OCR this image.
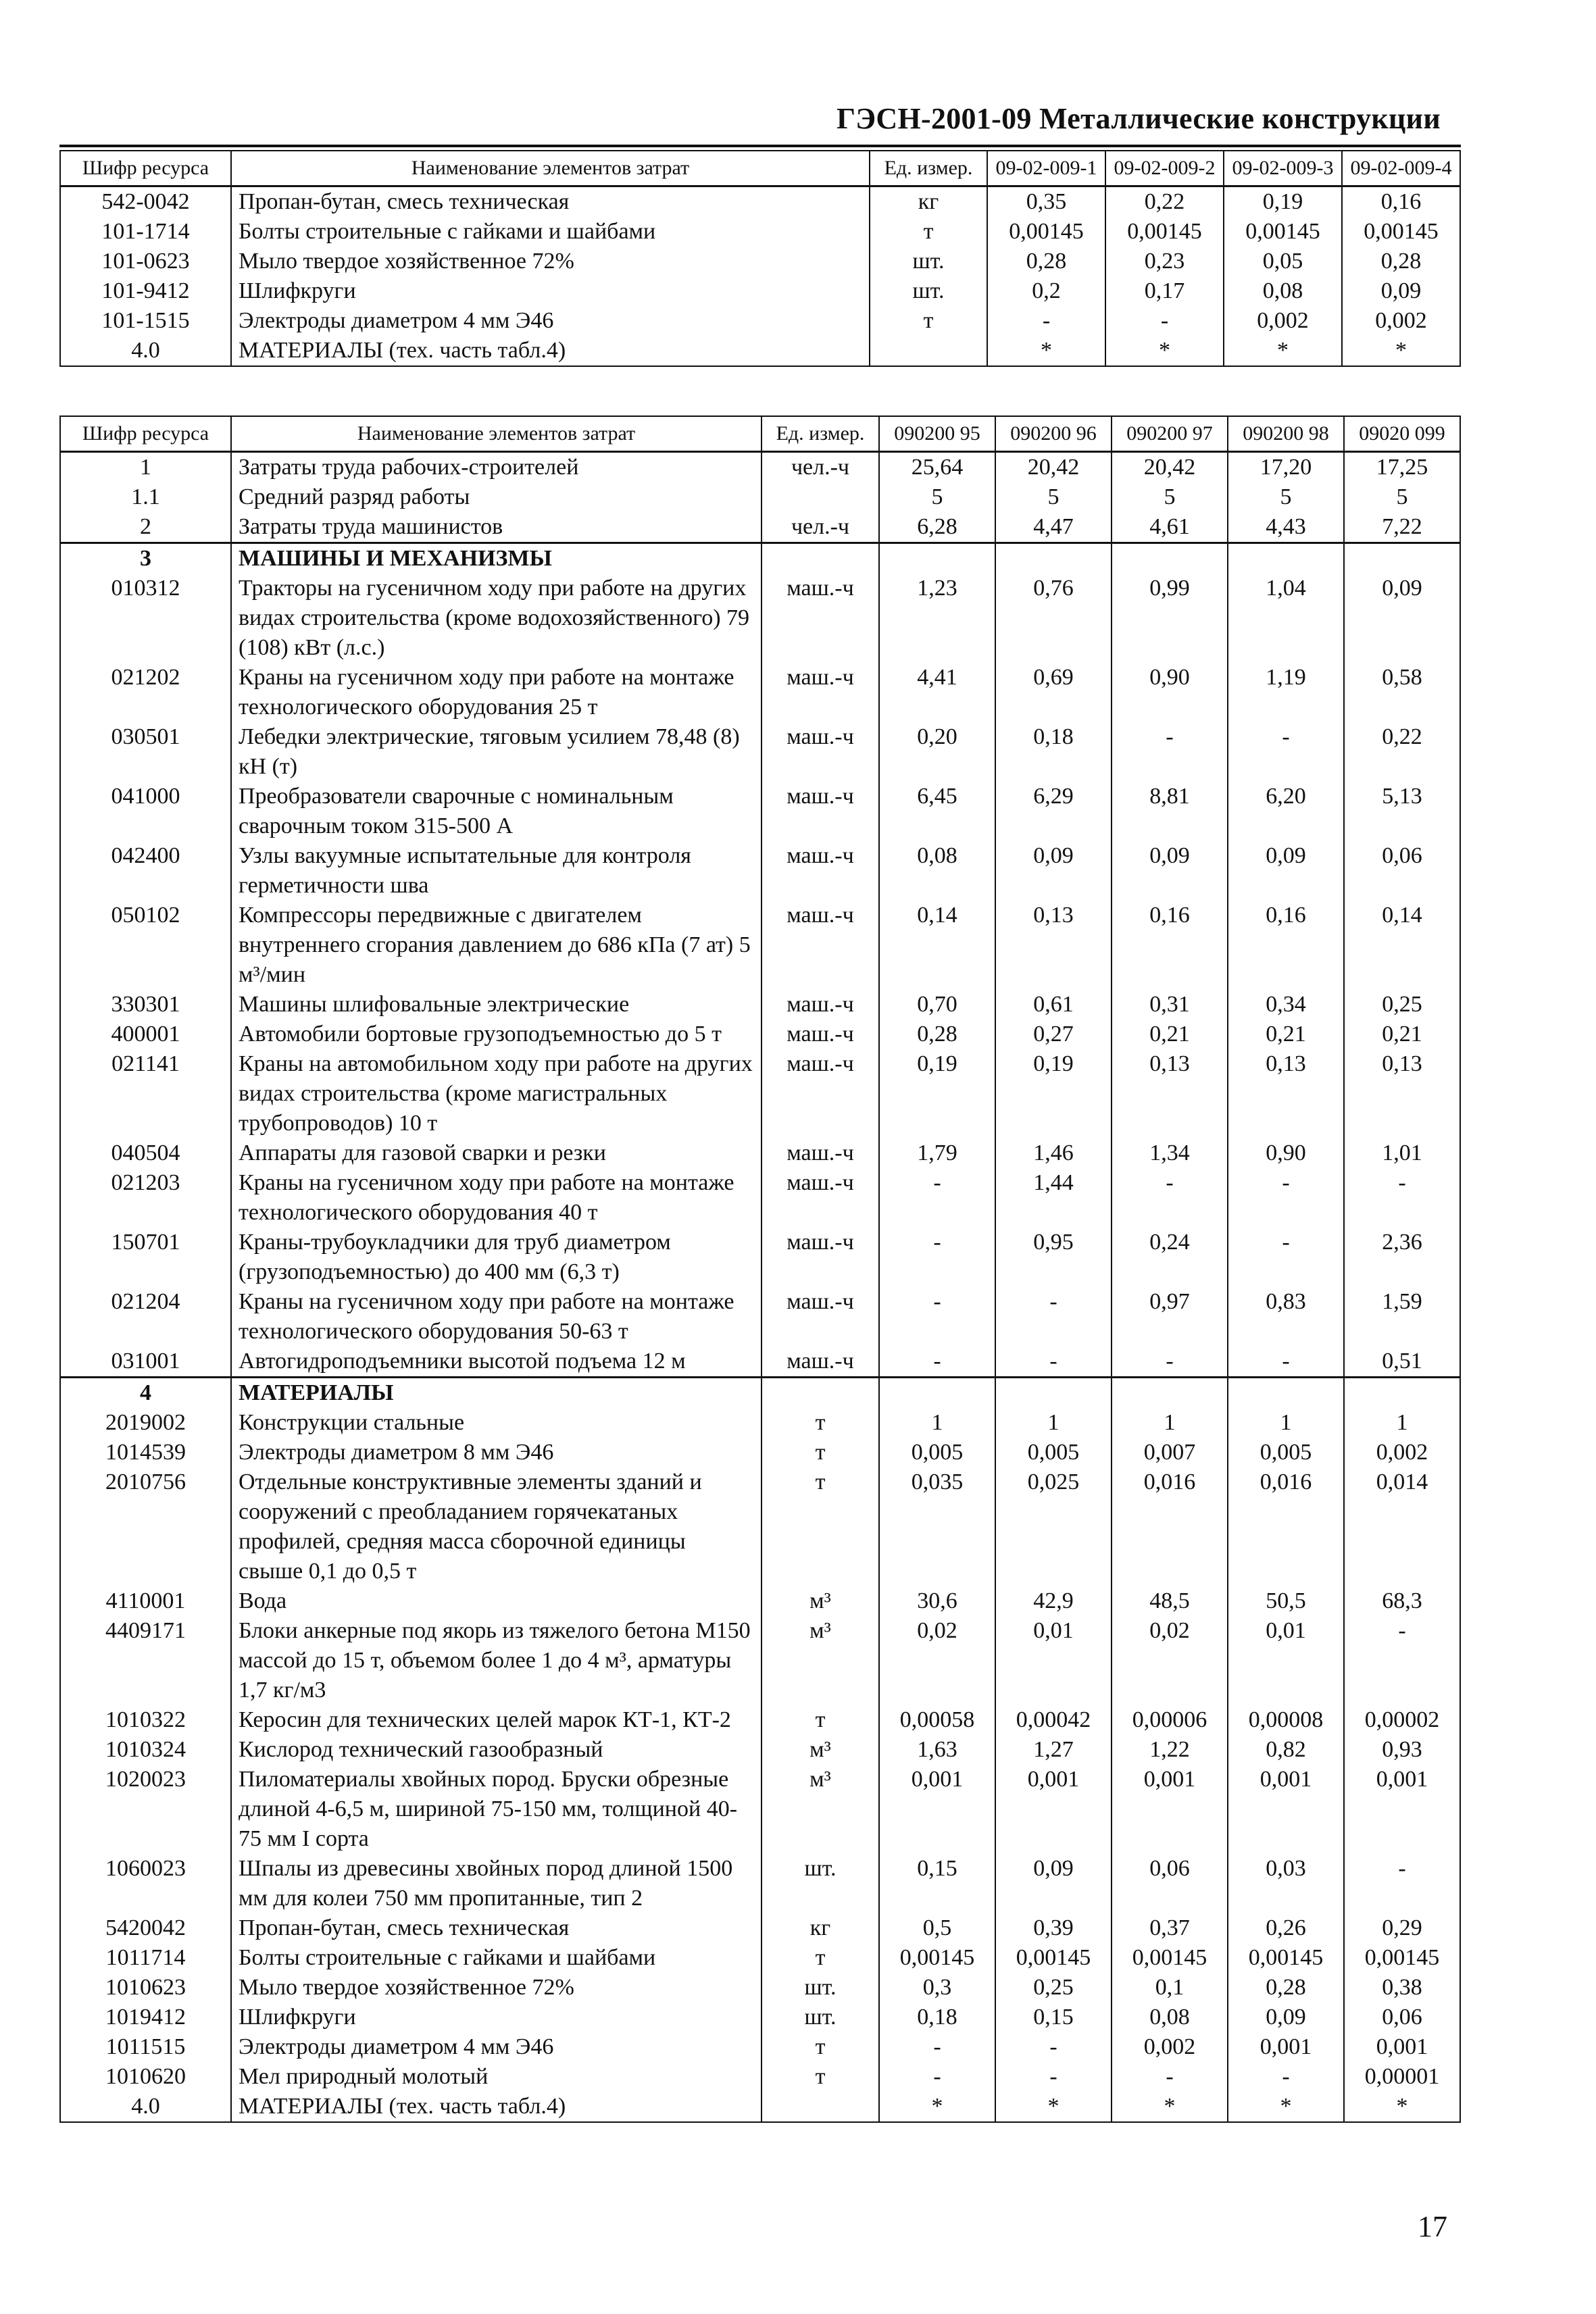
ГЭСН-2001-09 Металлические конструкции
Шифр ресурса	Наименование элементов затрат	Ед. измер.	09-02-009-1	09-02-009-2	09-02-009-3	09-02-009-4
542-0042	Пропан-бутан, смесь техническая	кг	0,35	0,22	0,19	0,16
101-1714	Болты строительные с гайками и шайбами	т	0,00145	0,00145	0,00145	0,00145
101-0623	Мыло твердое хозяйственное 72%	шт.	0,28	0,23	0,05	0,28
101-9412	Шлифкруги	шт.	0,2	0,17	0,08	0,09
101-1515	Электроды диаметром 4 мм Э46	т	-	-	0,002	0,002
4.0	МАТЕРИАЛЫ (тех. часть табл.4)		*	*	*	*
Шифр ресурса	Наименование элементов затрат	Ед. измер.	090200 95	090200 96	090200 97	090200 98	09020 099
1	Затраты труда рабочих-строителей	чел.-ч	25,64	20,42	20,42	17,20	17,25
1.1	Средний разряд работы		5	5	5	5	5
2	Затраты труда машинистов	чел.-ч	6,28	4,47	4,61	4,43	7,22
3	МАШИНЫ И МЕХАНИЗМЫ						
010312	Тракторы на гусеничном ходу при работе на других видах строительства (кроме водохозяйственного) 79 (108) кВт (л.с.)	маш.-ч	1,23	0,76	0,99	1,04	0,09
021202	Краны на гусеничном ходу при работе на монтаже технологического оборудования 25 т	маш.-ч	4,41	0,69	0,90	1,19	0,58
030501	Лебедки электрические, тяговым усилием 78,48 (8) кН (т)	маш.-ч	0,20	0,18	-	-	0,22
041000	Преобразователи сварочные с номинальным сварочным током 315-500 А	маш.-ч	6,45	6,29	8,81	6,20	5,13
042400	Узлы вакуумные испытательные для контроля герметичности шва	маш.-ч	0,08	0,09	0,09	0,09	0,06
050102	Компрессоры передвижные с двигателем внутреннего сгорания давлением до 686 кПа (7 ат) 5 м³/мин	маш.-ч	0,14	0,13	0,16	0,16	0,14
330301	Машины шлифовальные электрические	маш.-ч	0,70	0,61	0,31	0,34	0,25
400001	Автомобили бортовые грузоподъемностью до 5 т	маш.-ч	0,28	0,27	0,21	0,21	0,21
021141	Краны на автомобильном ходу при работе на других видах строительства (кроме магистральных трубопроводов) 10 т	маш.-ч	0,19	0,19	0,13	0,13	0,13
040504	Аппараты для газовой сварки и резки	маш.-ч	1,79	1,46	1,34	0,90	1,01
021203	Краны на гусеничном ходу при работе на монтаже технологического оборудования 40 т	маш.-ч	-	1,44	-	-	-
150701	Краны-трубоукладчики для труб диаметром (грузоподъемностью) до 400 мм (6,3 т)	маш.-ч	-	0,95	0,24	-	2,36
021204	Краны на гусеничном ходу при работе на монтаже технологического оборудования 50-63 т	маш.-ч	-	-	0,97	0,83	1,59
031001	Автогидроподъемники высотой подъема 12 м	маш.-ч	-	-	-	-	0,51
4	МАТЕРИАЛЫ						
2019002	Конструкции стальные	т	1	1	1	1	1
1014539	Электроды диаметром 8 мм Э46	т	0,005	0,005	0,007	0,005	0,002
2010756	Отдельные конструктивные элементы зданий и сооружений с преобладанием горячекатаных профилей, средняя масса сборочной единицы свыше 0,1 до 0,5 т	т	0,035	0,025	0,016	0,016	0,014
4110001	Вода	м³	30,6	42,9	48,5	50,5	68,3
4409171	Блоки анкерные под якорь из тяжелого бетона М150 массой до 15 т, объемом более 1 до 4 м³, арматуры 1,7 кг/м3	м³	0,02	0,01	0,02	0,01	-
1010322	Керосин для технических целей марок КТ-1, КТ-2	т	0,00058	0,00042	0,00006	0,00008	0,00002
1010324	Кислород технический газообразный	м³	1,63	1,27	1,22	0,82	0,93
1020023	Пиломатериалы хвойных пород. Бруски обрезные длиной 4-6,5 м, шириной 75-150 мм, толщиной 40-75 мм I сорта	м³	0,001	0,001	0,001	0,001	0,001
1060023	Шпалы из древесины хвойных пород длиной 1500 мм для колеи 750 мм пропитанные, тип 2	шт.	0,15	0,09	0,06	0,03	-
5420042	Пропан-бутан, смесь техническая	кг	0,5	0,39	0,37	0,26	0,29
1011714	Болты строительные с гайками и шайбами	т	0,00145	0,00145	0,00145	0,00145	0,00145
1010623	Мыло твердое хозяйственное 72%	шт.	0,3	0,25	0,1	0,28	0,38
1019412	Шлифкруги	шт.	0,18	0,15	0,08	0,09	0,06
1011515	Электроды диаметром 4 мм Э46	т	-	-	0,002	0,001	0,001
1010620	Мел природный молотый	т	-	-	-	-	0,00001
4.0	МАТЕРИАЛЫ (тех. часть табл.4)		*	*	*	*	*
17
